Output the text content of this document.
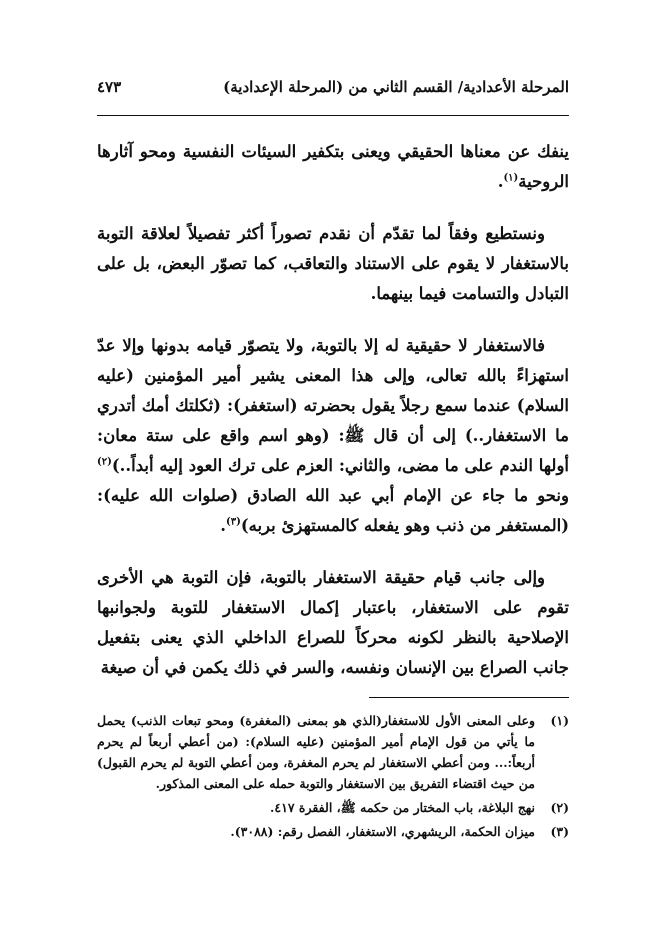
المرحلة الأعدادية/ القسم الثاني من (المرحلة الإعدادية)
٤٧٣

ينفك عن معناها الحقيقي ويعنى بتكفير السيئات النفسية ومحو آثارها الروحية$^{(١)}$.

ونستطيع وفقاً لما تقدّم أن نقدم تصوراً أكثر تفصيلاً لعلاقة التوبة بالاستغفار لا يقوم على الاستناد والتعاقب، كما تصوّر البعض، بل على التبادل والتسامت فيما بينهما.

فالاستغفار لا حقيقية له إلا بالتوبة، ولا يتصوّر قيامه بدونها وإلا عدّ استهزاءً بالله تعالى، وإلى هذا المعنى يشير أمير المؤمنين (عليه السلام) عندما سمع رجلاً يقول بحضرته (استغفر): (ثكلتك أمك أتدري ما الاستغفار..) إلى أن قال ﷺ: (وهو اسم واقع على ستة معان: أولها الندم على ما مضى، والثاني: العزم على ترك العود إليه أبداً..)$^{(٢)}$ ونحو ما جاء عن الإمام أبي عبد الله الصادق (صلوات الله عليه): (المستغفر من ذنب وهو يفعله كالمستهزئ بربه)$^{(٣)}$.

وإلى جانب قيام حقيقة الاستغفار بالتوبة، فإن التوبة هي الأخرى تقوم على الاستغفار، باعتبار إكمال الاستغفار للتوبة ولجوانبها الإصلاحية بالنظر لكونه محركاً للصراع الداخلي الذي يعنى بتفعيل جانب الصراع بين الإنسان ونفسه، والسر في ذلك يكمن في أن صيغة

(١)
وعلى المعنى الأول للاستغفار(الذي هو بمعنى (المغفرة) ومحو تبعات الذنب) يحمل ما يأتي من قول الإمام أمير المؤمنين (عليه السلام): (من أعطي أربعاً لم يحرم أربعاً:... ومن أعطي الاستغفار لم يحرم المغفرة، ومن أعطي التوبة لم يحرم القبول) من حيث اقتضاء التفريق بين الاستغفار والتوبة حمله على المعنى المذكور.
(٢)
نهج البلاغة، باب المختار من حكمه ﷺ، الفقرة ٤١٧.
(٣)
ميزان الحكمة، الريشهري، الاستغفار، الفصل رقم: (٣٠٨٨).
